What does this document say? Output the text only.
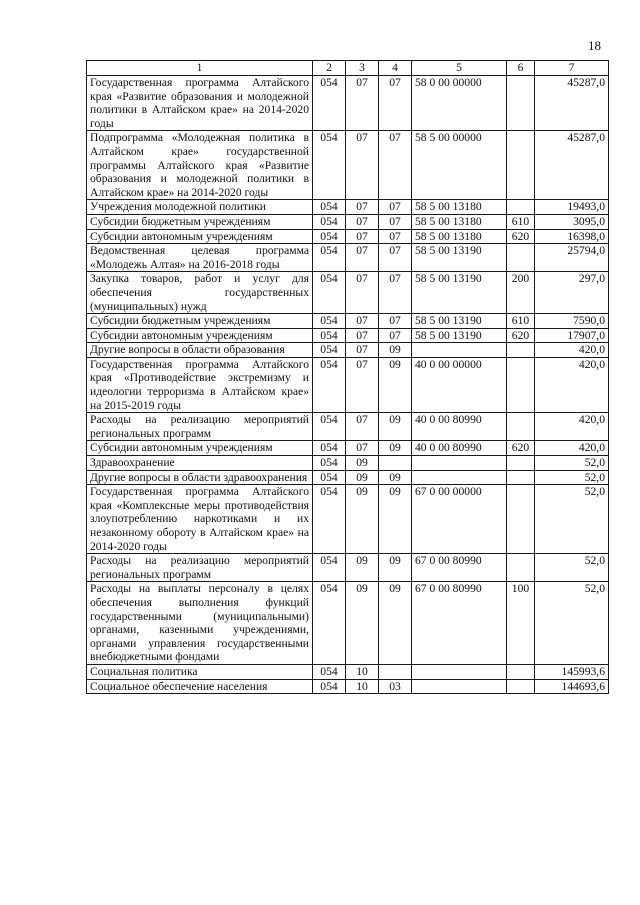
18
1	2	3	4	5	6	7
Государственная программа Алтайского края «Развитие образования и молодежной политики в Алтайском крае» на 2014-2020 годы	054	07	07	58 0 00 00000		45287,0
Подпрограмма «Молодежная политика в Алтайском крае» государственной программы Алтайского края «Развитие образования и молодежной политики в Алтайском крае» на 2014-2020 годы	054	07	07	58 5 00 00000		45287,0
Учреждения молодежной политики	054	07	07	58 5 00 13180		19493,0
Субсидии бюджетным учреждениям	054	07	07	58 5 00 13180	610	3095,0
Субсидии автономным учреждениям	054	07	07	58 5 00 13180	620	16398,0
Ведомственная целевая программа «Молодежь Алтая» на 2016-2018 годы	054	07	07	58 5 00 13190		25794,0
Закупка товаров, работ и услуг для обеспечения государственных (муниципальных) нужд	054	07	07	58 5 00 13190	200	297,0
Субсидии бюджетным учреждениям	054	07	07	58 5 00 13190	610	7590,0
Субсидии автономным учреждениям	054	07	07	58 5 00 13190	620	17907,0
Другие вопросы в области образования	054	07	09			420,0
Государственная программа Алтайского края «Противодействие экстремизму и идеологии терроризма в Алтайском крае» на 2015-2019 годы	054	07	09	40 0 00 00000		420,0
Расходы на реализацию мероприятий региональных программ	054	07	09	40 0 00 80990		420,0
Субсидии автономным учреждениям	054	07	09	40 0 00 80990	620	420,0
Здравоохранение	054	09				52,0
Другие вопросы в области здравоохранения	054	09	09			52,0
Государственная программа Алтайского края «Комплексные меры противодействия злоупотреблению наркотиками и их незаконному обороту в Алтайском крае» на 2014-2020 годы	054	09	09	67 0 00 00000		52,0
Расходы на реализацию мероприятий региональных программ	054	09	09	67 0 00 80990		52,0
Расходы на выплаты персоналу в целях обеспечения выполнения функций государственными (муниципальными) органами, казенными учреждениями, органами управления государственными внебюджетными фондами	054	09	09	67 0 00 80990	100	52,0
Социальная политика	054	10				145993,6
Социальное обеспечение населения	054	10	03			144693,6
